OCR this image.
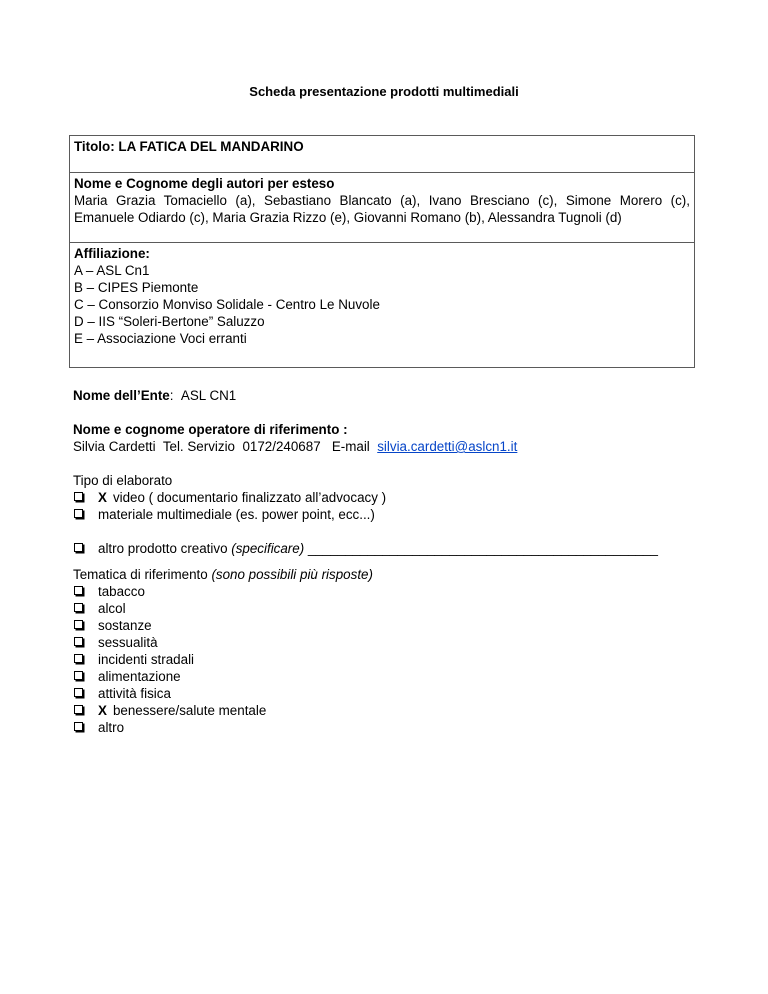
Scheda presentazione prodotti multimediali
Titolo: LA FATICA DEL MANDARINO
Nome e Cognome degli autori per esteso
Maria Grazia Tomaciello (a), Sebastiano Blancato (a), Ivano Bresciano (c), Simone Morero (c), Emanuele Odiardo (c), Maria Grazia Rizzo (e), Giovanni Romano (b), Alessandra Tugnoli (d)
Affiliazione:
A – ASL Cn1
B – CIPES Piemonte
C – Consorzio Monviso Solidale - Centro Le Nuvole
D – IIS “Soleri-Bertone” Saluzzo
E – Associazione Voci erranti
Nome dell’Ente: ASL CN1
Nome e cognome operatore di riferimento :
Silvia Cardetti Tel. Servizio 0172/240687 E-mail silvia.cardetti@aslcn1.it
Tipo di elaborato
X video ( documentario finalizzato all’advocacy )
materiale multimediale (es. power point, ecc...)
altro prodotto creativo (specificare) _______________________________________________
Tematica di riferimento (sono possibili più risposte)
tabacco
alcol
sostanze
sessualità
incidenti stradali
alimentazione
attività fisica
X benessere/salute mentale
altro
